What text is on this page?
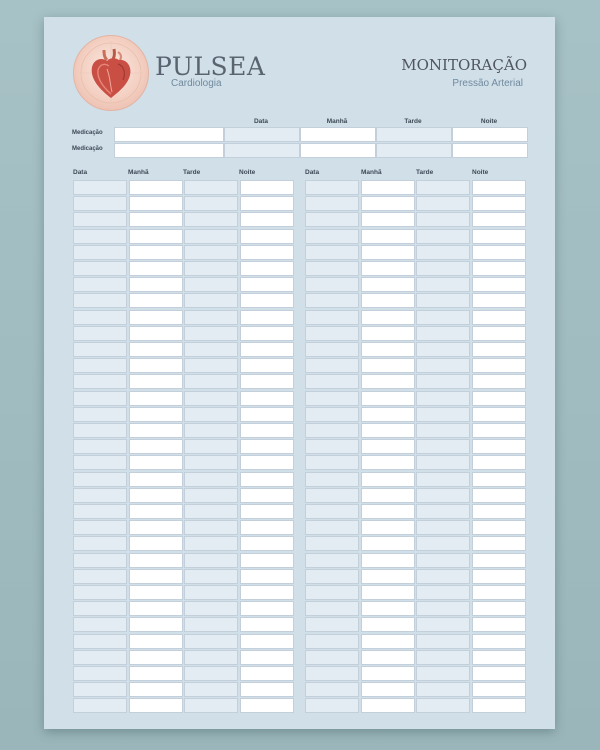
PULSEA
Cardiologia
MONITORAÇÃO
Pressão Arterial
Data	Manhã	Tarde	Noite
Medicação
Medicação
Data	Manhã	Tarde	Noite	Data	Manhã	Tarde	Noite
